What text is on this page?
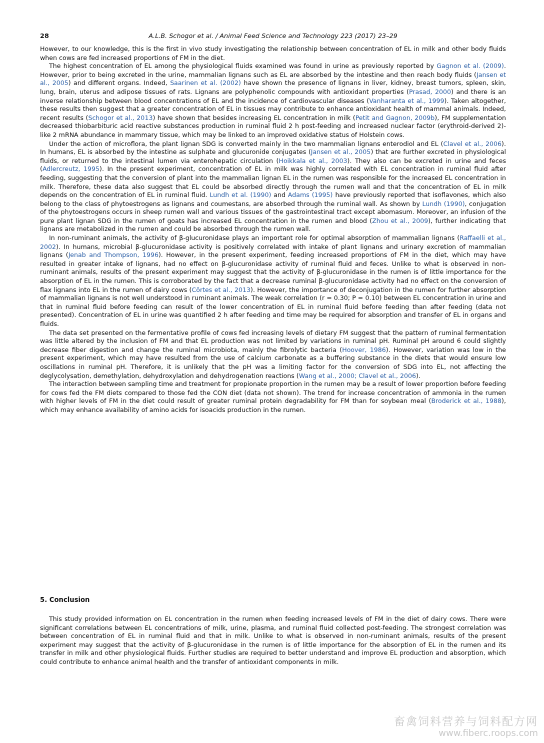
28	A.L.B. Schogor et al. / Animal Feed Science and Technology 223 (2017) 23–29

However, to our knowledge, this is the first in vivo study investigating the relationship between concentration of EL in milk and other body fluids when cows are fed increased proportions of FM in the diet.

The highest concentration of EL among the physiological fluids examined was found in urine as previously reported by Gagnon et al. (2009). However, prior to being excreted in the urine, mammalian lignans such as EL are absorbed by the intestine and then reach body fluids (Jansen et al., 2005) and different organs. Indeed, Saarinen et al. (2002) have shown the presence of lignans in liver, kidney, breast tumors, spleen, skin, lung, brain, uterus and adipose tissues of rats. Lignans are polyphenolic compounds with antioxidant properties (Prasad, 2000) and there is an inverse relationship between blood concentrations of EL and the incidence of cardiovascular diseases (Vanharanta et al., 1999). Taken altogether, these results then suggest that a greater concentration of EL in tissues may contribute to enhance antioxidant health of mammal animals. Indeed, recent results (Schogor et al., 2013) have shown that besides increasing EL concentration in milk (Petit and Gagnon, 2009b), FM supplementation decreased thiobarbituric acid reactive substances production in ruminal fluid 2 h post-feeding and increased nuclear factor (erythroid-derived 2)-like 2 mRNA abundance in mammary tissue, which may be linked to an improved oxidative status of Holstein cows.

Under the action of microflora, the plant lignan SDG is converted mainly in the two mammalian lignans enterodiol and EL (Clavel et al., 2006). In humans, EL is absorbed by the intestine as sulphate and glucuronide conjugates (Jansen et al., 2005) that are further excreted in physiological fluids, or returned to the intestinal lumen via enterohepatic circulation (Hoikkala et al., 2003). They also can be excreted in urine and feces (Adlercreutz, 1995). In the present experiment, concentration of EL in milk was highly correlated with EL concentration in ruminal fluid after feeding, suggesting that the conversion of plant into the mammalian lignan EL in the rumen was responsible for the increased EL concentration in milk. Therefore, these data also suggest that EL could be absorbed directly through the rumen wall and that the concentration of EL in milk depends on the concentration of EL in ruminal fluid. Lundh et al. (1990) and Adams (1995) have previously reported that isoflavones, which also belong to the class of phytoestrogens as lignans and coumestans, are absorbed through the ruminal wall. As shown by Lundh (1990), conjugation of the phytoestrogens occurs in sheep rumen wall and various tissues of the gastrointestinal tract except abomasum. Moreover, an infusion of the pure plant lignan SDG in the rumen of goats has increased EL concentration in the rumen and blood (Zhou et al., 2009), further indicating that lignans are metabolized in the rumen and could be absorbed through the rumen wall.

In non-ruminant animals, the activity of β-glucuronidase plays an important role for optimal absorption of mammalian lignans (Raffaelli et al., 2002). In humans, microbial β-glucuronidase activity is positively correlated with intake of plant lignans and urinary excretion of mammalian lignans (Jenab and Thompson, 1996). However, in the present experiment, feeding increased proportions of FM in the diet, which may have resulted in greater intake of lignans, had no effect on β-glucuronidase activity of ruminal fluid and feces. Unlike to what is observed in non-ruminant animals, results of the present experiment may suggest that the activity of β-glucuronidase in the rumen is of little importance for the absorption of EL in the rumen. This is corroborated by the fact that a decrease ruminal β-glucuronidase activity had no effect on the conversion of flax lignans into EL in the rumen of dairy cows (Côrtes et al., 2013). However, the importance of deconjugation in the rumen for further absorption of mammalian lignans is not well understood in ruminant animals. The weak correlation (r = 0.30; P = 0.10) between EL concentration in urine and that in ruminal fluid before feeding can result of the lower concentration of EL in ruminal fluid before feeding than after feeding (data not presented). Concentration of EL in urine was quantified 2 h after feeding and time may be required for absorption and transfer of EL in organs and fluids.

The data set presented on the fermentative profile of cows fed increasing levels of dietary FM suggest that the pattern of ruminal fermentation was little altered by the inclusion of FM and that EL production was not limited by variations in ruminal pH. Ruminal pH around 6 could slightly decrease fiber digestion and change the ruminal microbiota, mainly the fibrolytic bacteria (Hoover, 1986). However, variation was low in the present experiment, which may have resulted from the use of calcium carbonate as a buffering substance in the diets that would ensure low oscillations in ruminal pH. Therefore, it is unlikely that the pH was a limiting factor for the conversion of SDG into EL, not affecting the deglycolysation, demethylation, dehydroxylation and dehydrogenation reactions (Wang et al., 2000; Clavel et al., 2006).

The interaction between sampling time and treatment for propionate proportion in the rumen may be a result of lower proportion before feeding for cows fed the FM diets compared to those fed the CON diet (data not shown). The trend for increase concentration of ammonia in the rumen with higher levels of FM in the diet could result of greater ruminal protein degradability for FM than for soybean meal (Broderick et al., 1988), which may enhance availability of amino acids for isoacids production in the rumen.

5. Conclusion

This study provided information on EL concentration in the rumen when feeding increased levels of FM in the diet of dairy cows. There were significant correlations between EL concentrations of milk, urine, plasma, and ruminal fluid collected post-feeding. The strongest correlation was between concentration of EL in ruminal fluid and that in milk. Unlike to what is observed in non-ruminant animals, results of the present experiment may suggest that the activity of β-glucuronidase in the rumen is of little importance for the absorption of EL in the rumen and its transfer in milk and other physiological fluids. Further studies are required to better understand and improve EL production and absorption, which could contribute to enhance animal health and the transfer of antioxidant components in milk.

畜禽饲料营养与饲料配方网
www.fiberc.roops.com
